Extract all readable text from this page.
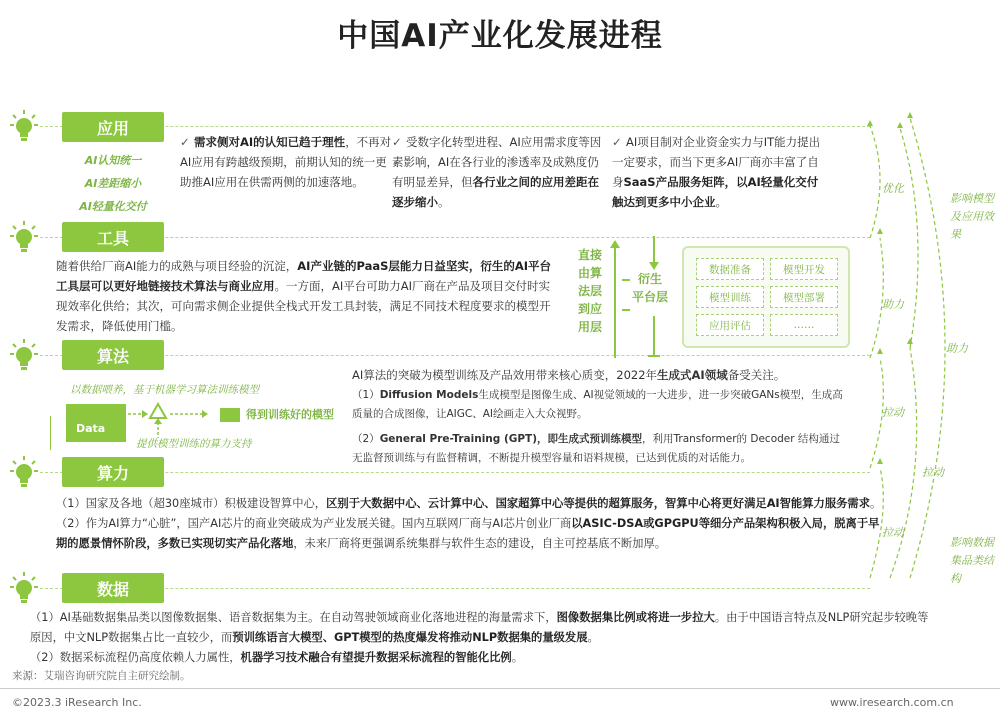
中国AI产业化发展进程
应用
工具
算法
算力
数据
AI认知统一
AI差距缩小
AI轻量化交付
✓ 需求侧对AI的认知已趋于理性，不再对AI应用有跨越级预期，前期认知的统一更助推AI应用在供需两侧的加速落地。
✓ 受数字化转型进程、AI应用需求度等因素影响，AI在各行业的渗透率及成熟度仍有明显差异，但各行业之间的应用差距在逐步缩小。
✓ AI项目制对企业资金实力与IT能力提出一定要求，而当下更多AI厂商亦丰富了自身SaaS产品服务矩阵，以AI轻量化交付触达到更多中小企业。
随着供给厂商AI能力的成熟与项目经验的沉淀，AI产业链的PaaS层能力日益坚实，衍生的AI平台工具层可以更好地链接技术算法与商业应用。一方面，AI平台可助力AI厂商在产品及项目交付时实现效率化供给；其次，可向需求侧企业提供全栈式开发工具封装，满足不同技术程度要求的模型开发需求，降低使用门槛。
直接
由算
法层
到应
用层
衍生
平台层
数据准备	模型开发
模型训练	模型部署
应用评估	……
以数据喂养，基于机器学习算法训练模型
Data
得到训练好的模型
提供模型训练的算力支持
AI算法的突破为模型训练及产品效用带来核心质变，2022年生成式AI领域备受关注。
（1）Diffusion Models生成模型是图像生成、AI视觉领域的一大进步，进一步突破GANs模型，生成高质量的合成图像，让AIGC、AI绘画走入大众视野。
（2）General Pre-Training (GPT)，即生成式预训练模型，利用Transformer的 Decoder 结构通过无监督预训练与有监督精调，不断提升模型容量和语料规模，已达到优质的对话能力。
（1）国家及各地（超30座城市）积极建设智算中心，区别于大数据中心、云计算中心、国家超算中心等提供的超算服务，智算中心将更好满足AI智能算力服务需求。（2）作为AI算力“心脏”，国产AI芯片的商业突破成为产业发展关键。国内互联网厂商与AI芯片创业厂商以ASIC-DSA或GPGPU等细分产品架构积极入局，脱离于早期的愿景情怀阶段，多数已实现切实产品化落地，未来厂商将更强调系统集群与软件生态的建设，自主可控基底不断加厚。
（1）AI基础数据集品类以图像数据集、语音数据集为主。在自动驾驶领域商业化落地进程的海量需求下，图像数据集比例或将进一步拉大。由于中国语言特点及NLP研究起步较晚等原因，中文NLP数据集占比一直较少，而预训练语言大模型、GPT模型的热度爆发将推动NLP数据集的量级发展。
（2）数据采标流程仍高度依赖人力属性，机器学习技术融合有望提升数据采标流程的智能化比例。
优化
助力
拉动
拉动
拉动
助力
影响模型及应用效果
影响数据集品类结构
来源：艾瑞咨询研究院自主研究绘制。
©2023.3 iResearch Inc.	www.iresearch.com.cn
